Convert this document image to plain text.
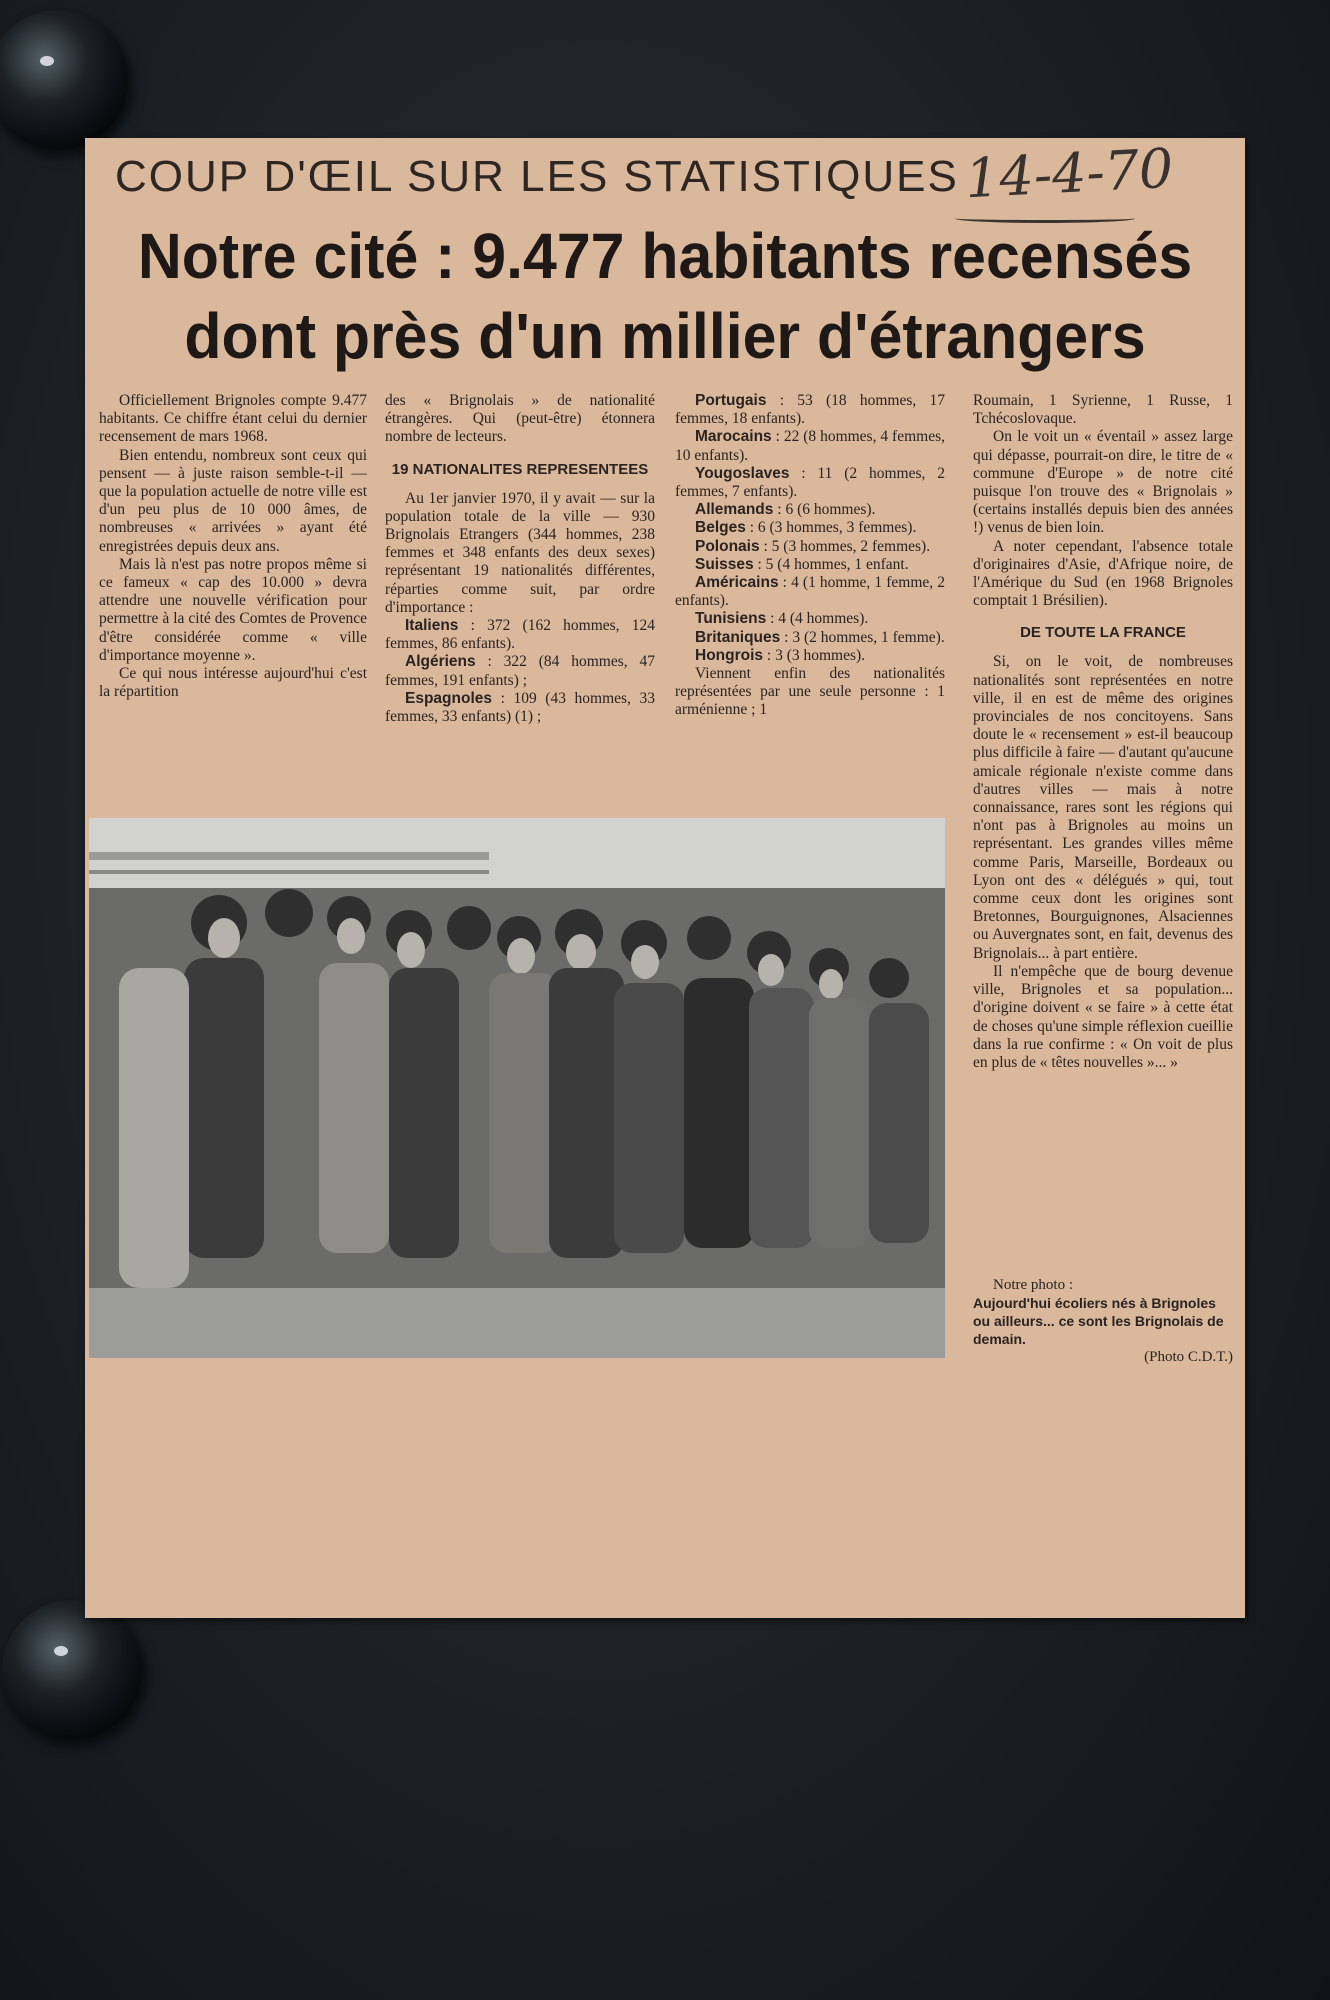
COUP D'ŒIL SUR LES STATISTIQUES 14-4-70
Notre cité : 9.477 habitants recensés dont près d'un millier d'étrangers

Officiellement Brignoles compte 9.477 habitants. Ce chiffre étant celui du dernier recensement de mars 1968.

Bien entendu, nombreux sont ceux qui pensent — à juste raison semble-t-il — que la population actuelle de notre ville est d'un peu plus de 10 000 âmes, de nombreuses « arrivées » ayant été enregistrées depuis deux ans.

Mais là n'est pas notre propos même si ce fameux « cap des 10.000 » devra attendre une nouvelle vérification pour permettre à la cité des Comtes de Provence d'être considérée comme « ville d'importance moyenne ».

Ce qui nous intéresse aujourd'hui c'est la répartition

des « Brignolais » de nationalité étrangères. Qui (peut-être) étonnera nombre de lecteurs.

19 NATIONALITES REPRESENTEES

Au 1er janvier 1970, il y avait — sur la population totale de la ville — 930 Brignolais Etrangers (344 hommes, 238 femmes et 348 enfants des deux sexes) représentant 19 nationalités différentes, réparties comme suit, par ordre d'importance :

Italiens : 372 (162 hommes, 124 femmes, 86 enfants).

Algériens : 322 (84 hommes, 47 femmes, 191 enfants) ;

Espagnoles : 109 (43 hommes, 33 femmes, 33 enfants) (1) ;

Portugais : 53 (18 hommes, 17 femmes, 18 enfants).

Marocains : 22 (8 hommes, 4 femmes, 10 enfants).

Yougoslaves : 11 (2 hommes, 2 femmes, 7 enfants).

Allemands : 6 (6 hommes).

Belges : 6 (3 hommes, 3 femmes).

Polonais : 5 (3 hommes, 2 femmes).

Suisses : 5 (4 hommes, 1 enfant.

Américains : 4 (1 homme, 1 femme, 2 enfants).

Tunisiens : 4 (4 hommes).

Britaniques : 3 (2 hommes, 1 femme).

Hongrois : 3 (3 hommes).

Viennent enfin des nationalités représentées par une seule personne : 1 arménienne ; 1

Roumain, 1 Syrienne, 1 Russe, 1 Tchécoslovaque.

On le voit un « éventail » assez large qui dépasse, pourrait-on dire, le titre de « commune d'Europe » de notre cité puisque l'on trouve des « Brignolais » (certains installés depuis bien des années !) venus de bien loin.

A noter cependant, l'absence totale d'originaires d'Asie, d'Afrique noire, de l'Amérique du Sud (en 1968 Brignoles comptait 1 Brésilien).

DE TOUTE LA FRANCE

Si, on le voit, de nombreuses nationalités sont représentées en notre ville, il en est de même des origines provinciales de nos concitoyens. Sans doute le « recensement » est-il beaucoup plus difficile à faire — d'autant qu'aucune amicale régionale n'existe comme dans d'autres villes — mais à notre connaissance, rares sont les régions qui n'ont pas à Brignoles au moins un représentant. Les grandes villes même comme Paris, Marseille, Bordeaux ou Lyon ont des « délégués » qui, tout comme ceux dont les origines sont Bretonnes, Bourguignones, Alsaciennes ou Auvergnates sont, en fait, devenus des Brignolais... à part entière.

Il n'empêche que de bourg devenue ville, Brignoles et sa population... d'origine doivent « se faire » à cette état de choses qu'une simple réflexion cueillie dans la rue confirme : « On voit de plus en plus de « têtes nouvelles »... »

Notre photo :

Aujourd'hui écoliers nés à Brignoles ou ailleurs... ce sont les Brignolais de demain.

(Photo C.D.T.)
